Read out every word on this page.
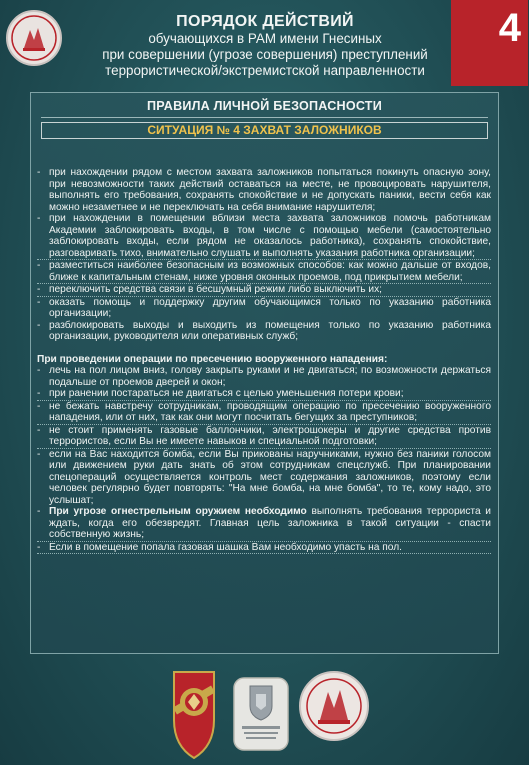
4
ПОРЯДОК ДЕЙСТВИЙ
обучающихся в РАМ имени Гнесиных
при совершении (угрозе совершения) преступлений
террористической/экстремистской направленности
ПРАВИЛА ЛИЧНОЙ БЕЗОПАСНОСТИ
СИТУАЦИЯ № 4 ЗАХВАТ ЗАЛОЖНИКОВ
- при нахождении рядом с местом захвата заложников попытаться покинуть опасную зону, при невозможности таких действий оставаться на месте, не провоцировать нарушителя, выполнять его требования, сохранять спокойствие и не допускать паники, вести себя как можно незаметнее и не переключать на себя внимание нарушителя;
- при нахождении в помещении вблизи места захвата заложников помочь работникам Академии заблокировать входы, в том числе с помощью мебели (самостоятельно заблокировать входы, если рядом не оказалось работника), сохранять спокойствие, разговаривать тихо, внимательно слушать и выполнять указания работника организации;
- разместиться наиболее безопасным из возможных способов: как можно дальше от входов, ближе к капитальным стенам, ниже уровня оконных проемов, под прикрытием мебели;
- переключить средства связи в бесшумный режим либо выключить их;
- оказать помощь и поддержку другим обучающимся только по указанию работника организации;
- разблокировать выходы и выходить из помещения только по указанию работника организации, руководителя или оперативных служб;
При проведении операции по пресечению вооруженного нападения:
- лечь на пол лицом вниз, голову закрыть руками и не двигаться; по возможности держаться подальше от проемов дверей и окон;
- при ранении постараться не двигаться с целью уменьшения потери крови;
- не бежать навстречу сотрудникам, проводящим операцию по пресечению вооруженного нападения, или от них, так как они могут посчитать бегущих за преступников;
- не стоит применять газовые баллончики, электрошокеры и другие средства против террористов, если Вы не имеете навыков и специальной подготовки;
- если на Вас находится бомба, если Вы прикованы наручниками, нужно без паники голосом или движением руки дать знать об этом сотрудникам спецслужб. При планировании спецопераций осуществляется контроль мест содержания заложников, поэтому если человек регулярно будет повторять: "На мне бомба, на мне бомба", то те, кому надо, это услышат;
- При угрозе огнестрельным оружием необходимо выполнять требования террориста и ждать, когда его обезвредят. Главная цель заложника в такой ситуации - спасти собственную жизнь;
- Если в помещение попала газовая шашка Вам необходимо упасть на пол.
